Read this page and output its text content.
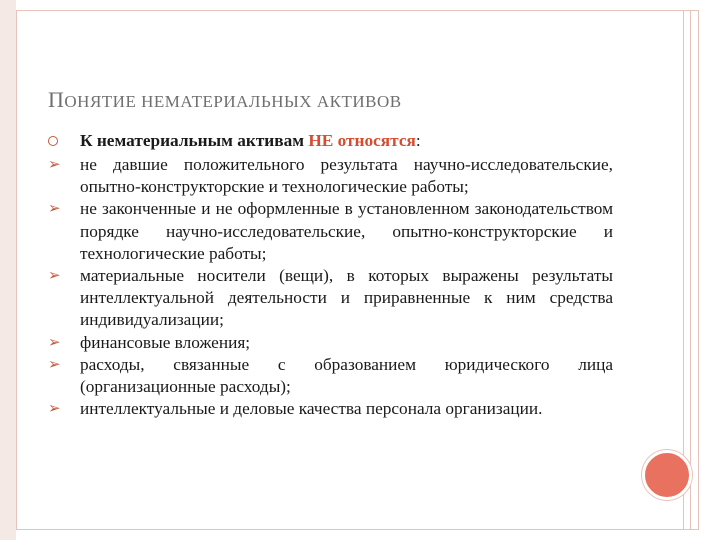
ПОНЯТИЕ НЕМАТЕРИАЛЬНЫХ АКТИВОВ
К нематериальным активам НЕ относятся:
➢	не давшие положительного результата научно-исследовательские, опытно-конструкторские и технологические работы;
➢	не законченные и не оформленные в установленном законодательством порядке научно-исследовательские, опытно-конструкторские и технологические работы;
➢	материальные носители (вещи), в которых выражены результаты интеллектуальной деятельности и приравненные к ним средства индивидуализации;
➢	финансовые вложения;
➢	расходы, связанные с образованием юридического лица (организационные расходы);
➢	интеллектуальные и деловые качества персонала организации.
